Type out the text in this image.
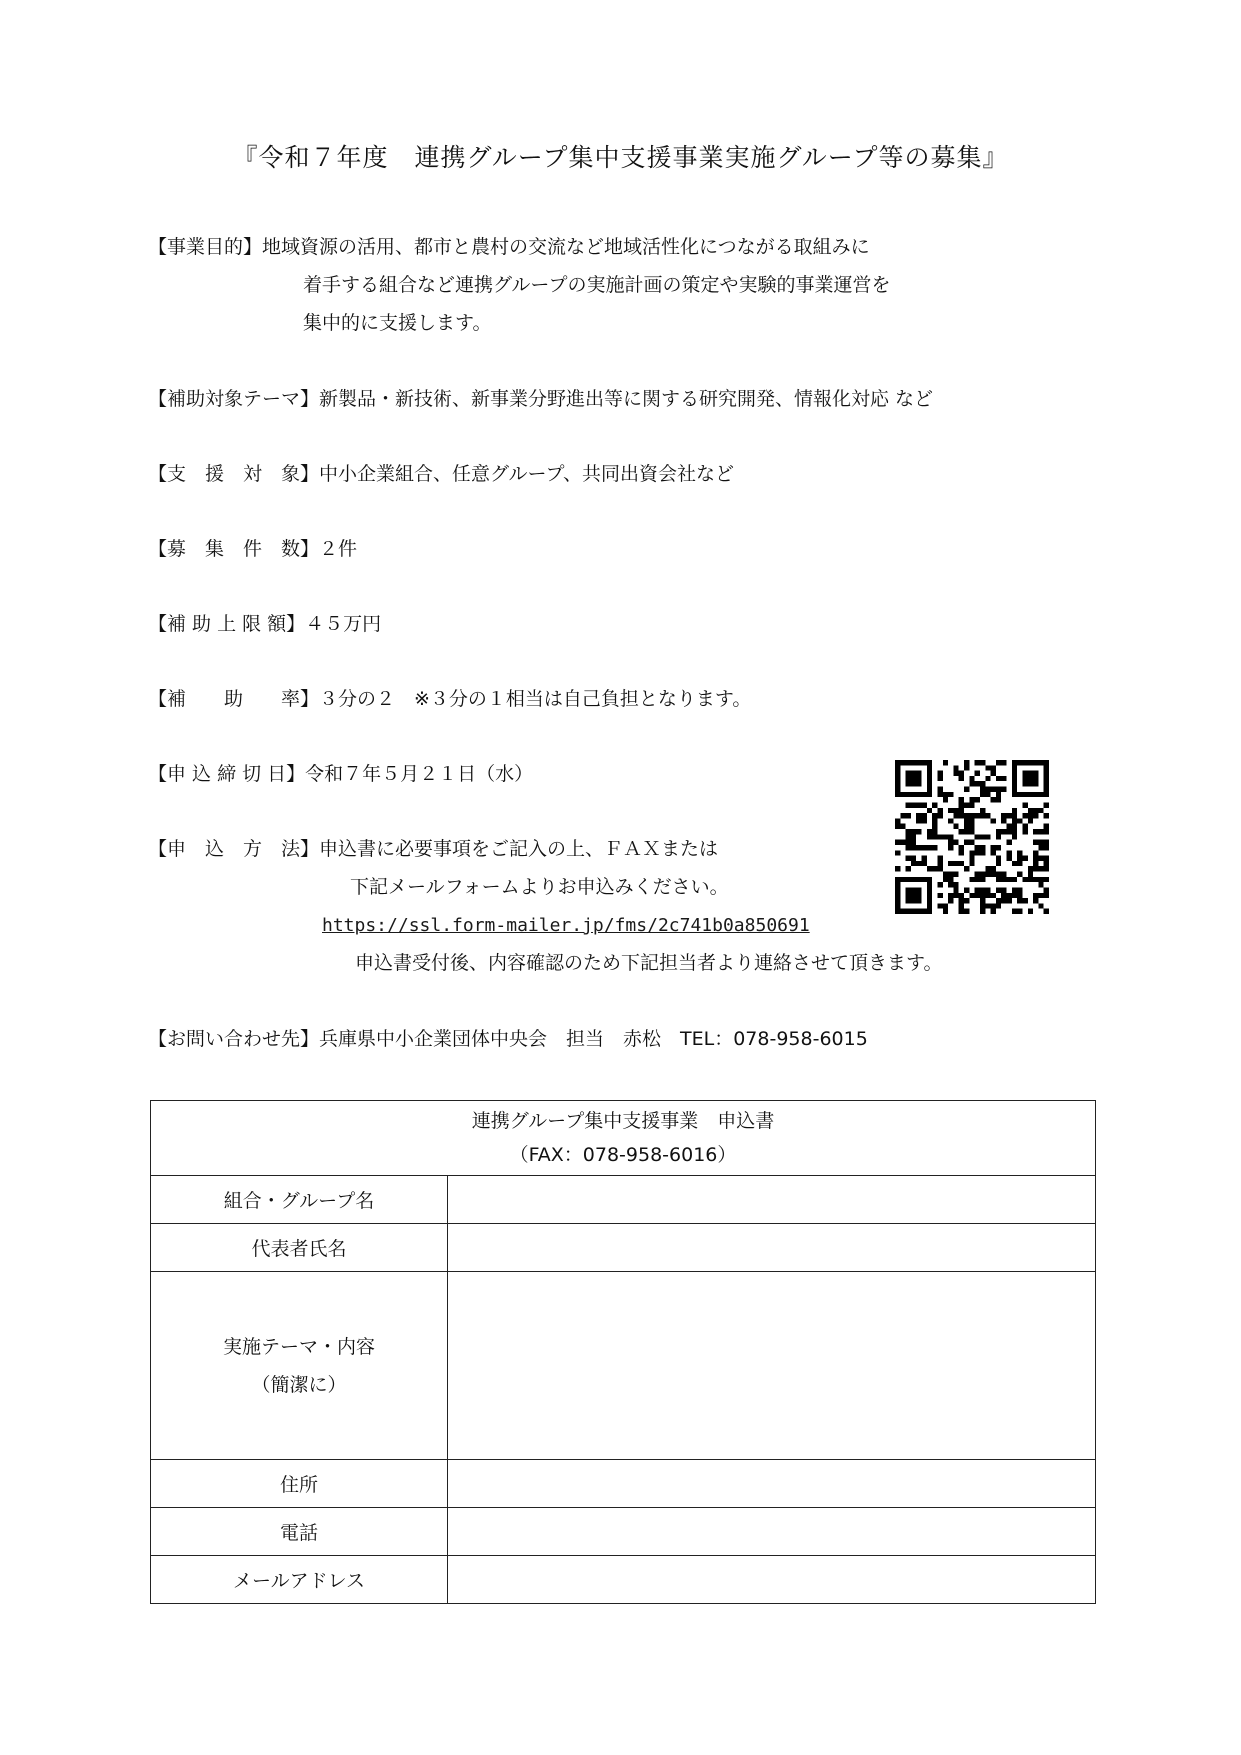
『令和７年度　連携グループ集中支援事業実施グループ等の募集』
【事業目的】地域資源の活用、都市と農村の交流など地域活性化につながる取組みに
着手する組合など連携グループの実施計画の策定や実験的事業運営を
集中的に支援します。
【補助対象テーマ】新製品・新技術、新事業分野進出等に関する研究開発、情報化対応 など
【支　援　対　象】中小企業組合、任意グループ、共同出資会社など
【募　集　件　数】２件
【補 助 上 限 額】４５万円
【補　　助　　率】３分の２　※３分の１相当は自己負担となります。
【申 込 締 切 日】令和７年５月２１日（水）
【申　込　方　法】申込書に必要事項をご記入の上、ＦＡＸまたは
下記メールフォームよりお申込みください。
https://ssl.form-mailer.jp/fms/2c741b0a850691
申込書受付後、内容確認のため下記担当者より連絡させて頂きます。
【お問い合わせ先】兵庫県中小企業団体中央会　担当　赤松　TEL：078-958-6015
連携グループ集中支援事業　申込書
（FAX：078-958-6016）	

組合・グループ名	
代表者氏名	

実施テーマ・内容
（簡潔に）	

住所	
電話	
メールアドレス	
